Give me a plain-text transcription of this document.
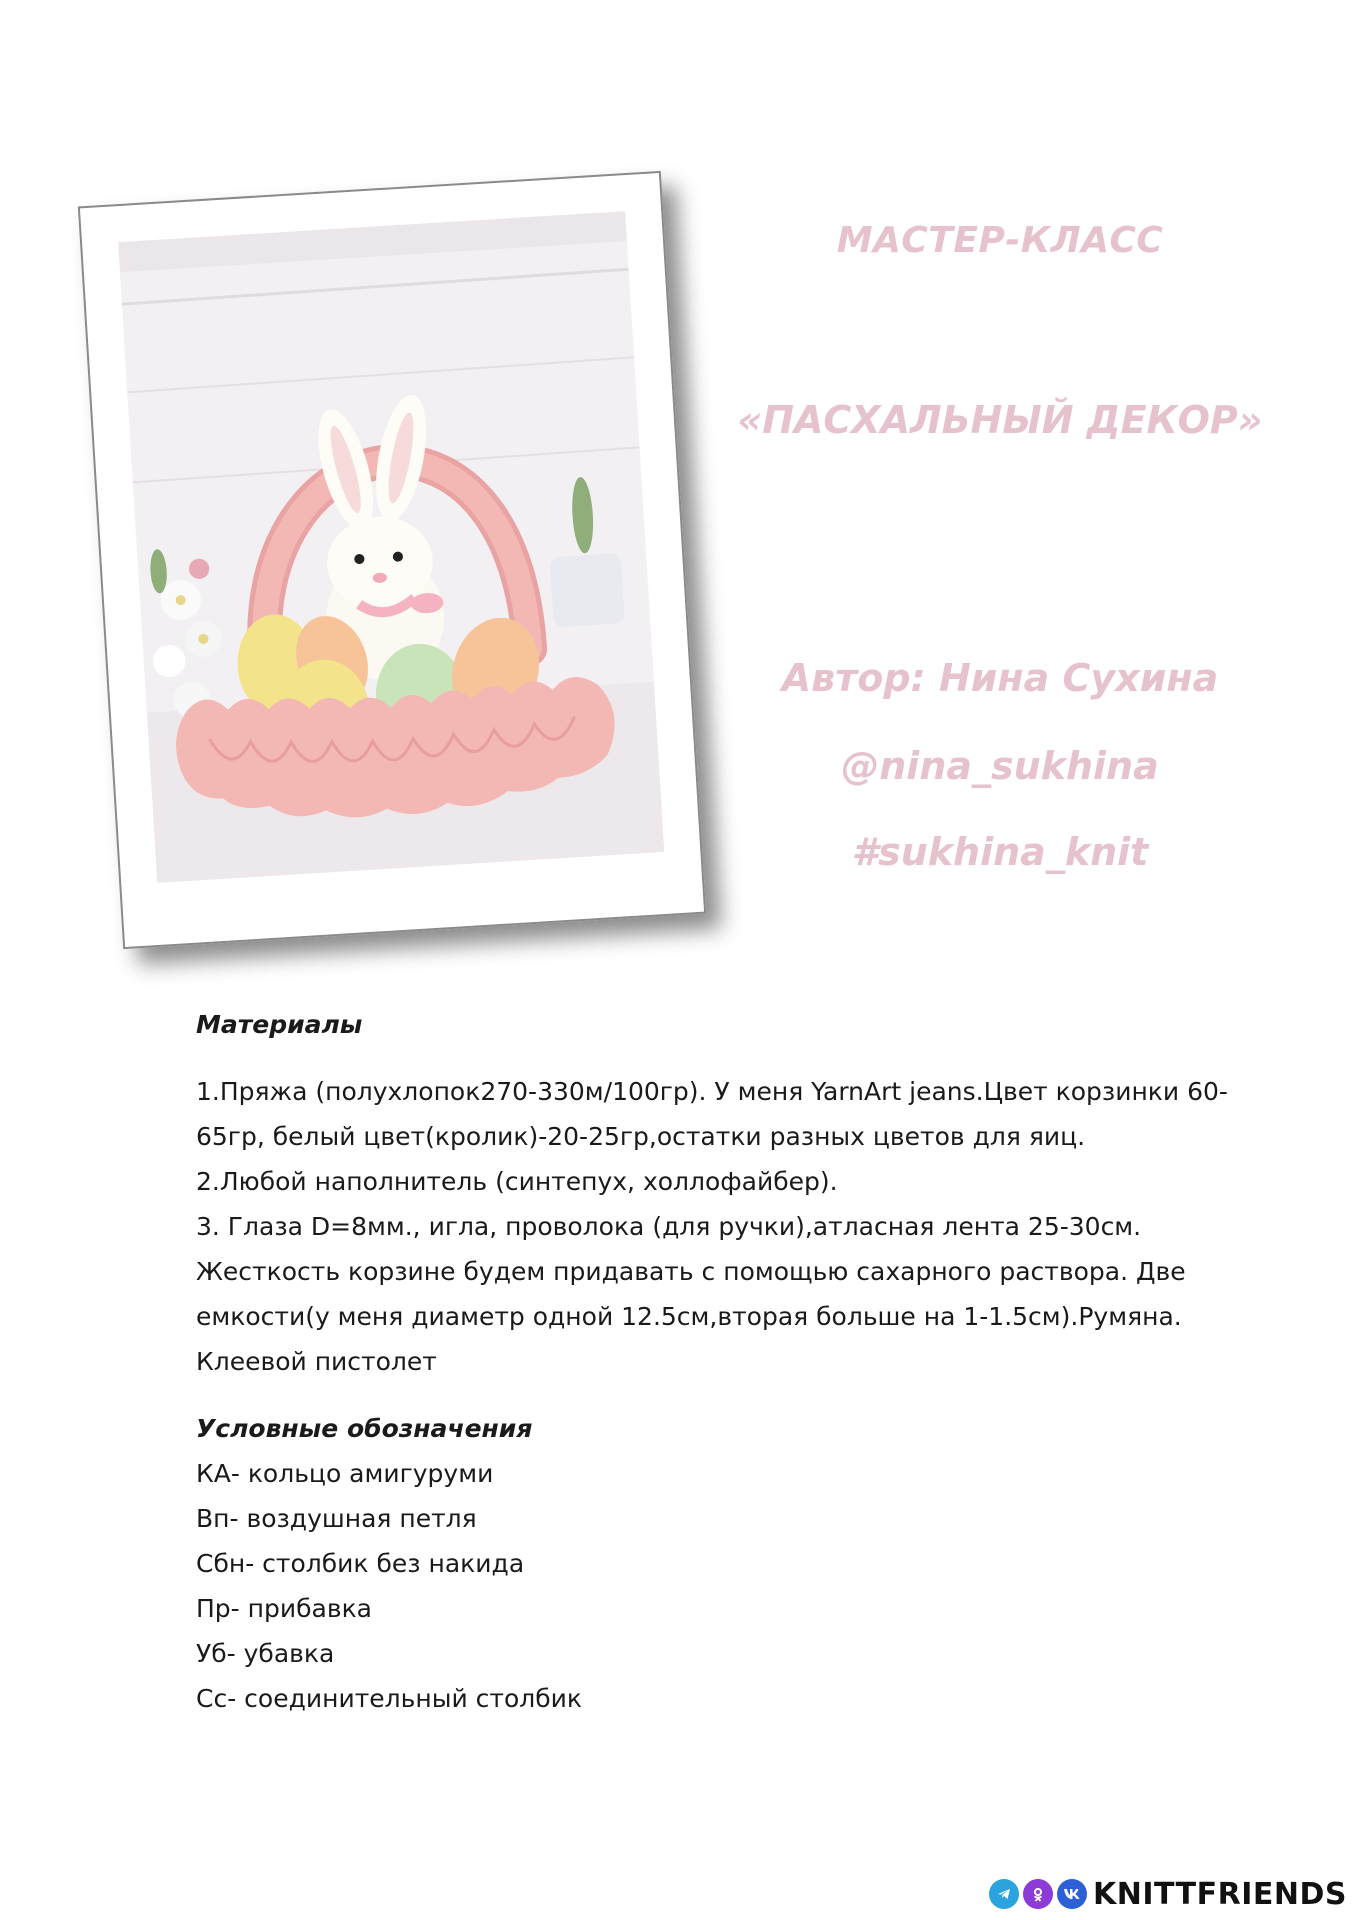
МАСТЕР-КЛАСС
«ПАСХАЛЬНЫЙ ДЕКОР»
Автор: Нина Сухина
@nina_sukhina
#sukhina_knit

Материалы

1.Пряжа (полухлопок270-330м/100гр). У меня YarnArt jeans.Цвет корзинки 60-65гр, белый цвет(кролик)-20-25гр,остатки разных цветов для яиц.

2.Любой наполнитель (синтепух, холлофайбер).

3. Глаза D=8мм., игла, проволока (для ручки),атласная лента 25-30см. Жесткость корзине будем придавать с помощью сахарного раствора. Две емкости(у меня диаметр одной 12.5см,вторая больше на 1-1.5см).Румяна. Клеевой пистолет

Условные обозначения

КА- кольцо амигуруми

Вп- воздушная петля

Сбн- столбик без накида

Пр- прибавка

Уб- убавка

Сс- соединительный столбик

KNITTFRIENDS
